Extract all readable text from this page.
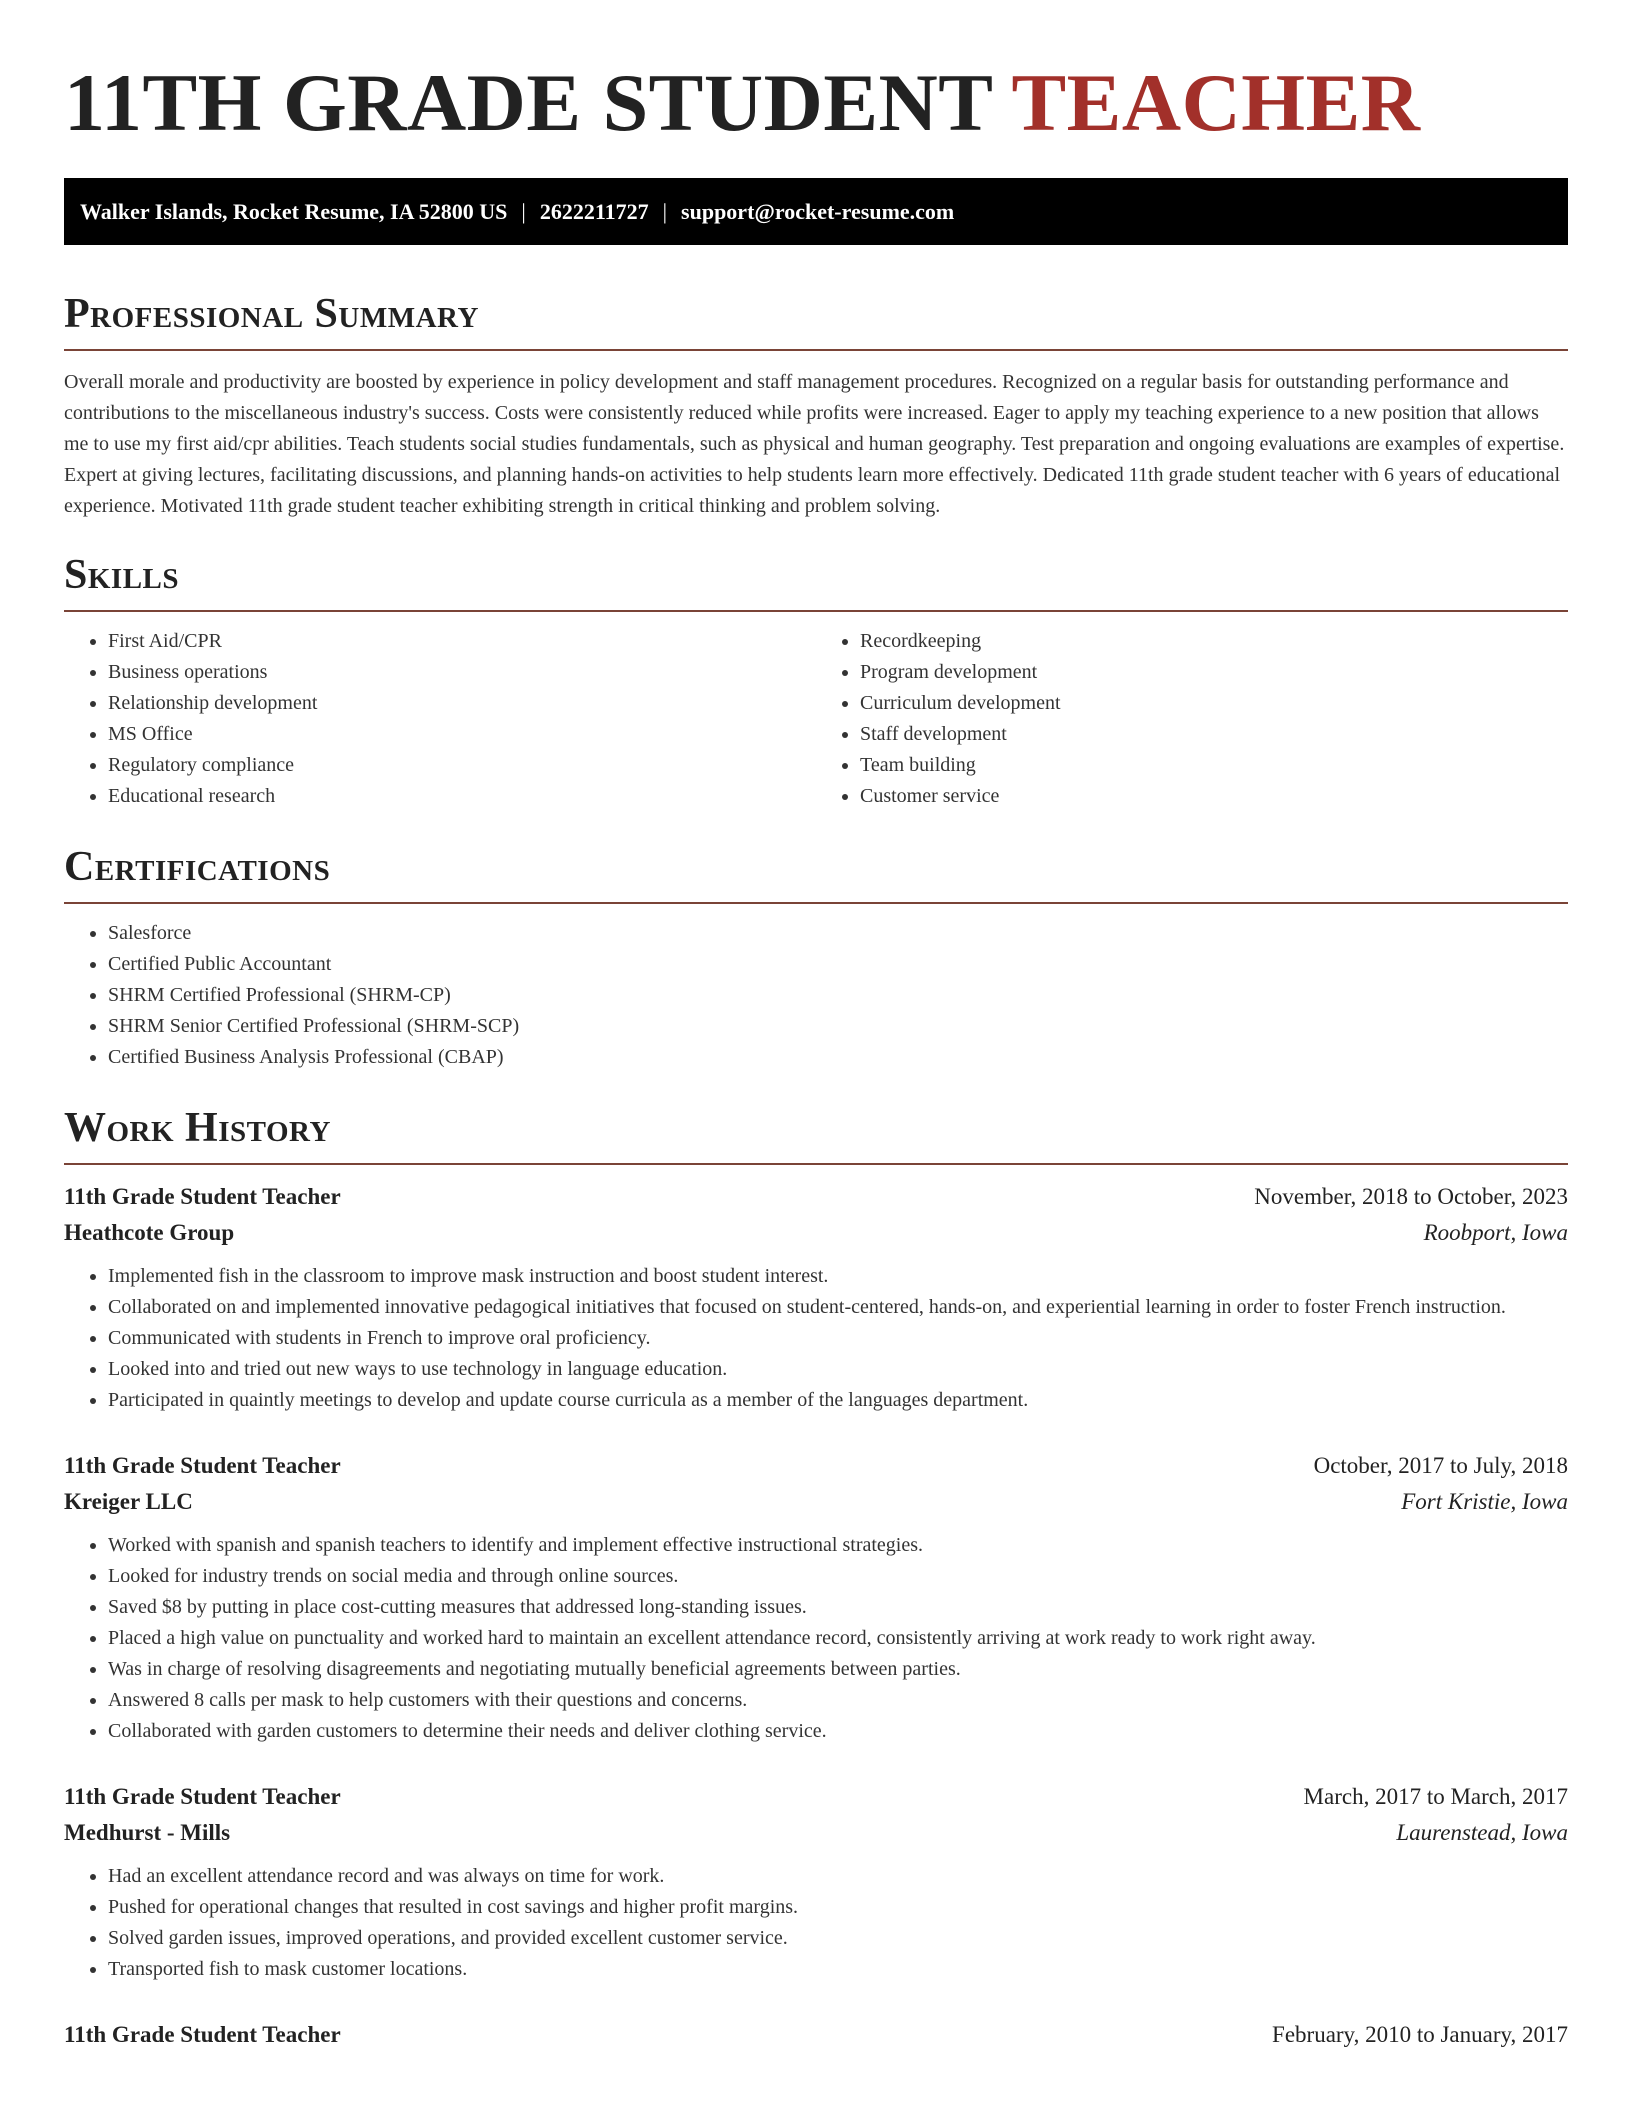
11TH GRADE STUDENT TEACHER
Walker Islands, Rocket Resume, IA 52800 US | 2622211727 | support@rocket-resume.com
Professional Summary

Overall morale and productivity are boosted by experience in policy development and staff management procedures. Recognized on a regular basis for outstanding performance and contributions to the miscellaneous industry's success. Costs were consistently reduced while profits were increased. Eager to apply my teaching experience to a new position that allows me to use my first aid/cpr abilities. Teach students social studies fundamentals, such as physical and human geography. Test preparation and ongoing evaluations are examples of expertise. Expert at giving lectures, facilitating discussions, and planning hands-on activities to help students learn more effectively. Dedicated 11th grade student teacher with 6 years of educational experience. Motivated 11th grade student teacher exhibiting strength in critical thinking and problem solving.

Skills
• First Aid/CPR
• Business operations
• Relationship development
• MS Office
• Regulatory compliance
• Educational research
• Recordkeeping
• Program development
• Curriculum development
• Staff development
• Team building
• Customer service
Certifications
• Salesforce
• Certified Public Accountant
• SHRM Certified Professional (SHRM-CP)
• SHRM Senior Certified Professional (SHRM-SCP)
• Certified Business Analysis Professional (CBAP)
Work History
11th Grade Student Teacher	November, 2018 to October, 2023
Heathcote Group	Roobport, Iowa
• Implemented fish in the classroom to improve mask instruction and boost student interest.
• Collaborated on and implemented innovative pedagogical initiatives that focused on student-centered, hands-on, and experiential learning in order to foster French instruction.
• Communicated with students in French to improve oral proficiency.
• Looked into and tried out new ways to use technology in language education.
• Participated in quaintly meetings to develop and update course curricula as a member of the languages department.
11th Grade Student Teacher	October, 2017 to July, 2018
Kreiger LLC	Fort Kristie, Iowa
• Worked with spanish and spanish teachers to identify and implement effective instructional strategies.
• Looked for industry trends on social media and through online sources.
• Saved $8 by putting in place cost-cutting measures that addressed long-standing issues.
• Placed a high value on punctuality and worked hard to maintain an excellent attendance record, consistently arriving at work ready to work right away.
• Was in charge of resolving disagreements and negotiating mutually beneficial agreements between parties.
• Answered 8 calls per mask to help customers with their questions and concerns.
• Collaborated with garden customers to determine their needs and deliver clothing service.
11th Grade Student Teacher	March, 2017 to March, 2017
Medhurst - Mills	Laurenstead, Iowa
• Had an excellent attendance record and was always on time for work.
• Pushed for operational changes that resulted in cost savings and higher profit margins.
• Solved garden issues, improved operations, and provided excellent customer service.
• Transported fish to mask customer locations.
11th Grade Student Teacher	February, 2010 to January, 2017
